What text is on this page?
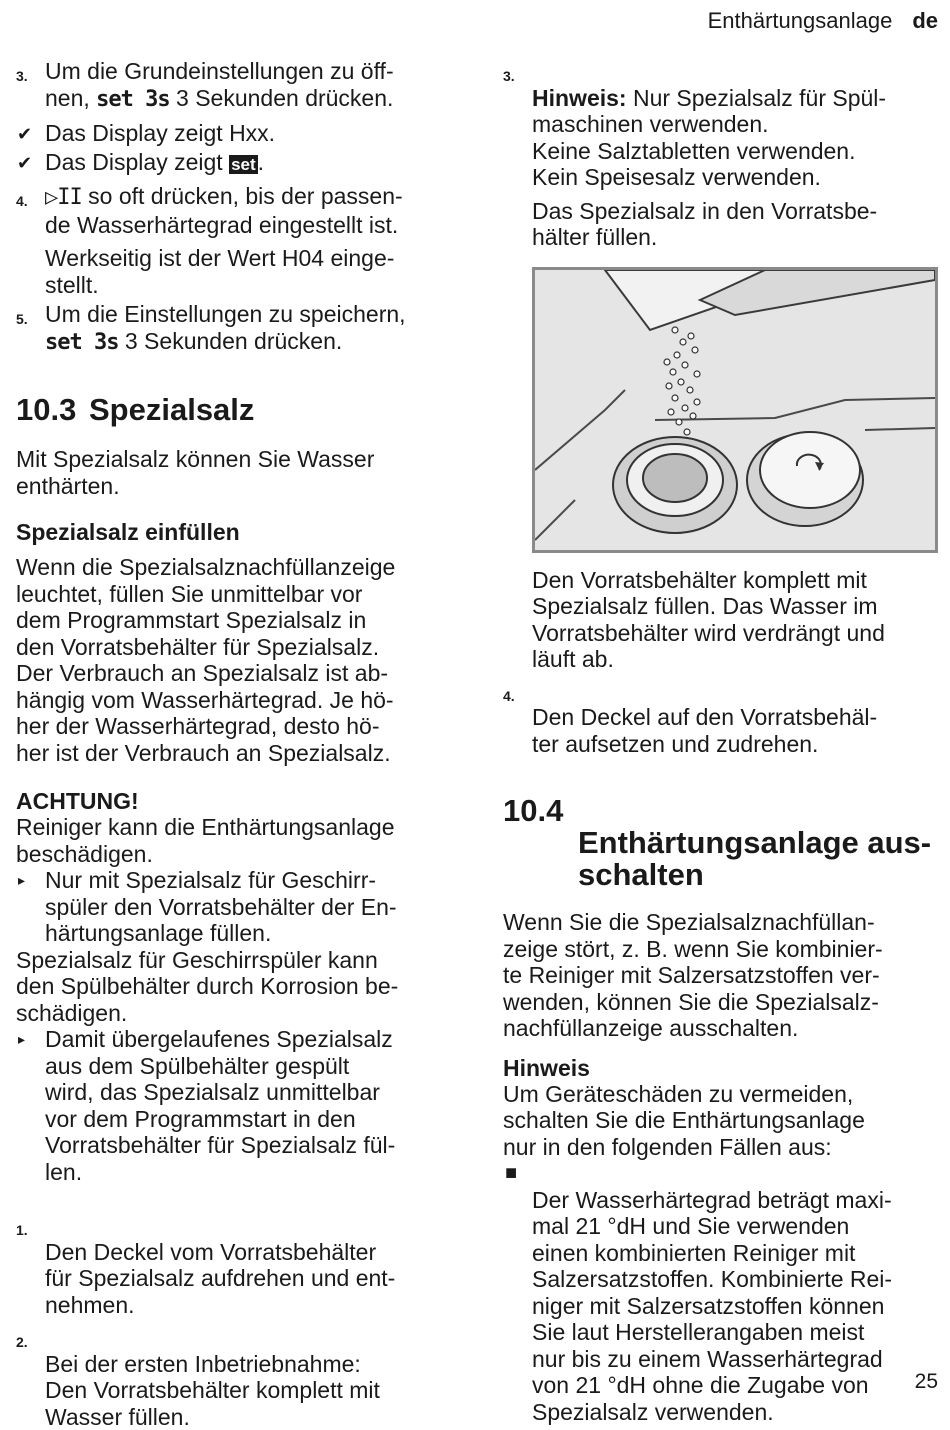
Enthärtungsanlage de
3. Um die Grundeinstellungen zu öff-
nen, set 3s 3 Sekunden drücken.
✔ Das Display zeigt Hxx.
✔ Das Display zeigt set.
4. ▷II so oft drücken, bis der passen-
de Wasserhärtegrad eingestellt ist.

Werkseitig ist der Wert H04 einge-
stellt.

5. Um die Einstellungen zu speichern,
set 3s 3 Sekunden drücken.
10.3 Spezialsalz

Mit Spezialsalz können Sie Wasser
enthärten.

Spezialsalz einfüllen

Wenn die Spezialsalznachfüllanzeige
leuchtet, füllen Sie unmittelbar vor
dem Programmstart Spezialsalz in
den Vorratsbehälter für Spezialsalz.
Der Verbrauch an Spezialsalz ist ab-
hängig vom Wasserhärtegrad. Je hö-
her der Wasserhärtegrad, desto hö-
her ist der Verbrauch an Spezialsalz.

ACHTUNG!

Reiniger kann die Enthärtungsanlage
beschädigen.

▸ Nur mit Spezialsalz für Geschirr-
spüler den Vorratsbehälter der En-
härtungsanlage füllen.

Spezialsalz für Geschirrspüler kann
den Spülbehälter durch Korrosion be-
schädigen.

▸ Damit übergelaufenes Spezialsalz
aus dem Spülbehälter gespült
wird, das Spezialsalz unmittelbar
vor dem Programmstart in den
Vorratsbehälter für Spezialsalz fül-
len.

1.
Den Deckel vom Vorratsbehälter
für Spezialsalz aufdrehen und ent-
nehmen.

2.
Bei der ersten Inbetriebnahme:
Den Vorratsbehälter komplett mit
Wasser füllen.

3.
Hinweis: Nur Spezialsalz für Spül-
maschinen verwenden.
Keine Salztabletten verwenden.
Kein Speisesalz verwenden.

Das Spezialsalz in den Vorratsbe-
hälter füllen.

Den Vorratsbehälter komplett mit
Spezialsalz füllen. Das Wasser im
Vorratsbehälter wird verdrängt und
läuft ab.

4.
Den Deckel auf den Vorratsbehäl-
ter aufsetzen und zudrehen.

10.4
Enthärtungsanlage aus-
schalten

Wenn Sie die Spezialsalznachfüllan-
zeige stört, z. B. wenn Sie kombinier-
te Reiniger mit Salzersatzstoffen ver-
wenden, können Sie die Spezialsalz-
nachfüllanzeige ausschalten.

Hinweis

Um Geräteschäden zu vermeiden,
schalten Sie die Enthärtungsanlage
nur in den folgenden Fällen aus:

■
Der Wasserhärtegrad beträgt maxi-
mal 21 °dH und Sie verwenden
einen kombinierten Reiniger mit
Salzersatzstoffen. Kombinierte Rei-
niger mit Salzersatzstoffen können
Sie laut Herstellerangaben meist
nur bis zu einem Wasserhärtegrad
von 21 °dH ohne die Zugabe von
Spezialsalz verwenden.

25
